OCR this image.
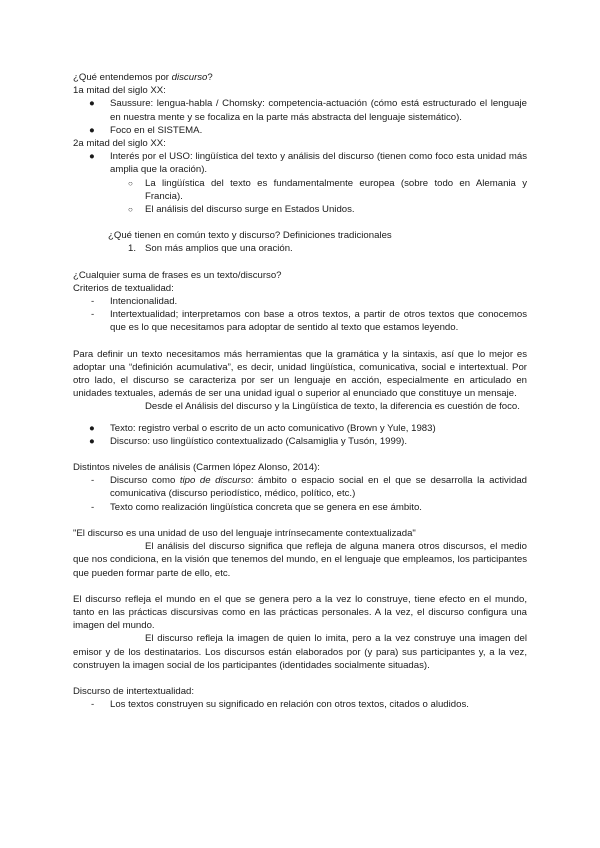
¿Qué entendemos por discurso?

1a mitad del siglo XX:

● Saussure: lengua-habla / Chomsky: competencia-actuación (cómo está estructurado el lenguaje en nuestra mente y se focaliza en la parte más abstracta del lenguaje sistemático).
● Foco en el SISTEMA.

2a mitad del siglo XX:

● Interés por el USO: lingüística del texto y análisis del discurso (tienen como foco esta unidad más amplia que la oración).
○ La lingüística del texto es fundamentalmente europea (sobre todo en Alemania y Francia).
○ El análisis del discurso surge en Estados Unidos.

¿Qué tienen en común texto y discurso? Definiciones tradicionales

1. Son más amplios que una oración.

¿Cualquier suma de frases es un texto/discurso?

Criterios de textualidad:

- Intencionalidad.
- Intertextualidad; interpretamos con base a otros textos, a partir de otros textos que conocemos que es lo que necesitamos para adoptar de sentido al texto que estamos leyendo.

Para definir un texto necesitamos más herramientas que la gramática y la sintaxis, así que lo mejor es adoptar una “definición acumulativa”, es decir, unidad lingüística, comunicativa, social e intertextual. Por otro lado, el discurso se caracteriza por ser un lenguaje en acción, especialmente en articulado en unidades textuales, además de ser una unidad igual o superior al enunciado que constituye un mensaje.

Desde el Análisis del discurso y la Lingüística de texto, la diferencia es cuestión de foco.

● Texto: registro verbal o escrito de un acto comunicativo (Brown y Yule, 1983)
● Discurso: uso lingüístico contextualizado (Calsamiglia y Tusón, 1999).

Distintos niveles de análisis (Carmen lópez Alonso, 2014):

- Discurso como tipo de discurso: ámbito o espacio social en el que se desarrolla la actividad comunicativa (discurso periodístico, médico, político, etc.)
- Texto como realización lingüística concreta que se genera en ese ámbito.

"El discurso es una unidad de uso del lenguaje intrínsecamente contextualizada"

El análisis del discurso significa que refleja de alguna manera otros discursos, el medio que nos condiciona, en la visión que tenemos del mundo, en el lenguaje que empleamos, los participantes que pueden formar parte de ello, etc.

El discurso refleja el mundo en el que se genera pero a la vez lo construye, tiene efecto en el mundo, tanto en las prácticas discursivas como en las prácticas personales. A la vez, el discurso configura una imagen del mundo.

El discurso refleja la imagen de quien lo imita, pero a la vez construye una imagen del emisor y de los destinatarios. Los discursos están elaborados por (y para) sus participantes y, a la vez, construyen la imagen social de los participantes (identidades socialmente situadas).

Discurso de intertextualidad:

- Los textos construyen su significado en relación con otros textos, citados o aludidos.
